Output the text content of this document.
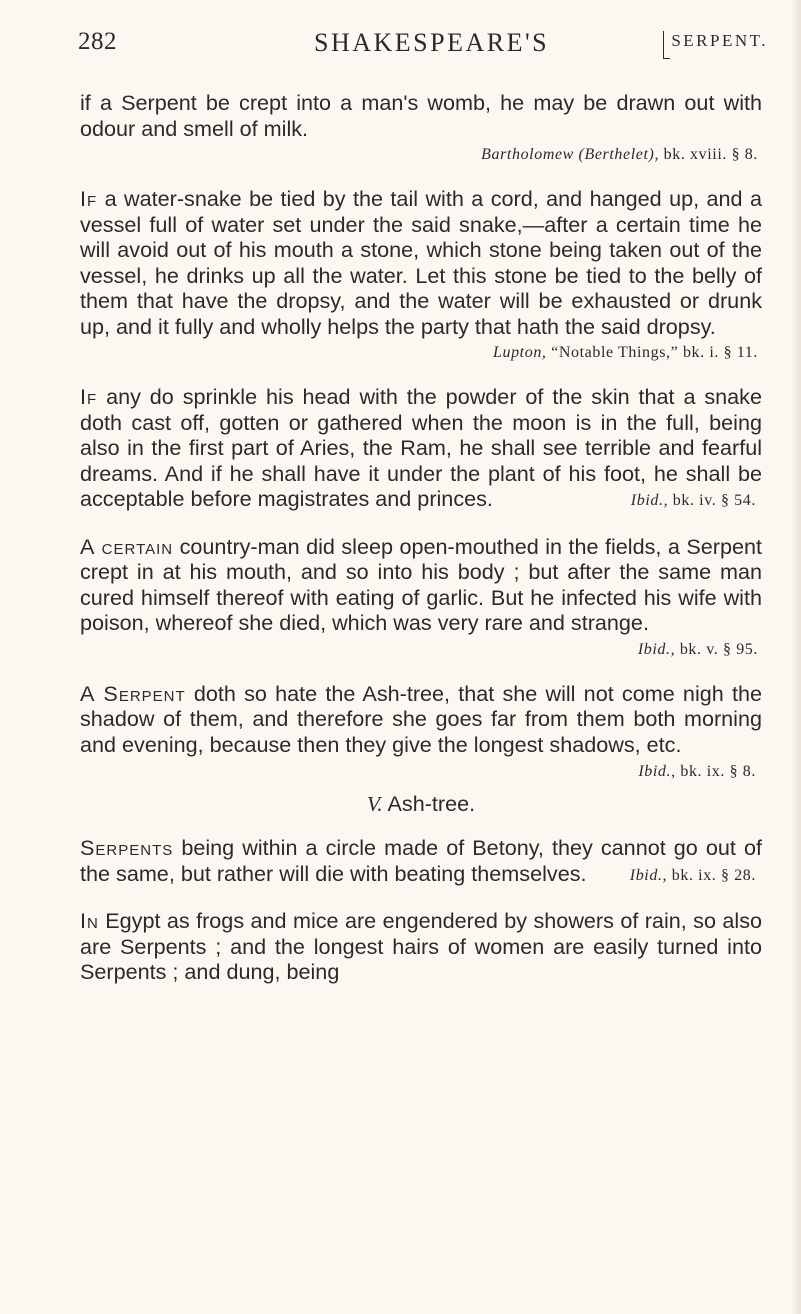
282	SHAKESPEARE'S	SERPENT.

if a Serpent be crept into a man's womb, he may be drawn out with odour and smell of milk.

Bartholomew (Berthelet), bk. xviii. § 8.

If a water-snake be tied by the tail with a cord, and hanged up, and a vessel full of water set under the said snake,—after a certain time he will avoid out of his mouth a stone, which stone being taken out of the vessel, he drinks up all the water. Let this stone be tied to the belly of them that have the dropsy, and the water will be exhausted or drunk up, and it fully and wholly helps the party that hath the said dropsy.

Lupton, “Notable Things,” bk. i. § 11.

If any do sprinkle his head with the powder of the skin that a snake doth cast off, gotten or gathered when the moon is in the full, being also in the first part of Aries, the Ram, he shall see terrible and fearful dreams. And if he shall have it under the plant of his foot, he shall be acceptable before magistrates and princes.	Ibid., bk. iv. § 54.

A certain country-man did sleep open-mouthed in the fields, a Serpent crept in at his mouth, and so into his body ; but after the same man cured himself thereof with eating of garlic. But he infected his wife with poison, whereof she died, which was very rare and strange.

Ibid., bk. v. § 95.

A Serpent doth so hate the Ash-tree, that she will not come nigh the shadow of them, and therefore she goes far from them both morning and evening, because then they give the longest shadows, etc.
Ibid., bk. ix. § 8.

V. Ash-tree.

Serpents being within a circle made of Betony, they cannot go out of the same, but rather will die with beating themselves.	Ibid., bk. ix. § 28.

In Egypt as frogs and mice are engendered by showers of rain, so also are Serpents ; and the longest hairs of women are easily turned into Serpents ; and dung, being
